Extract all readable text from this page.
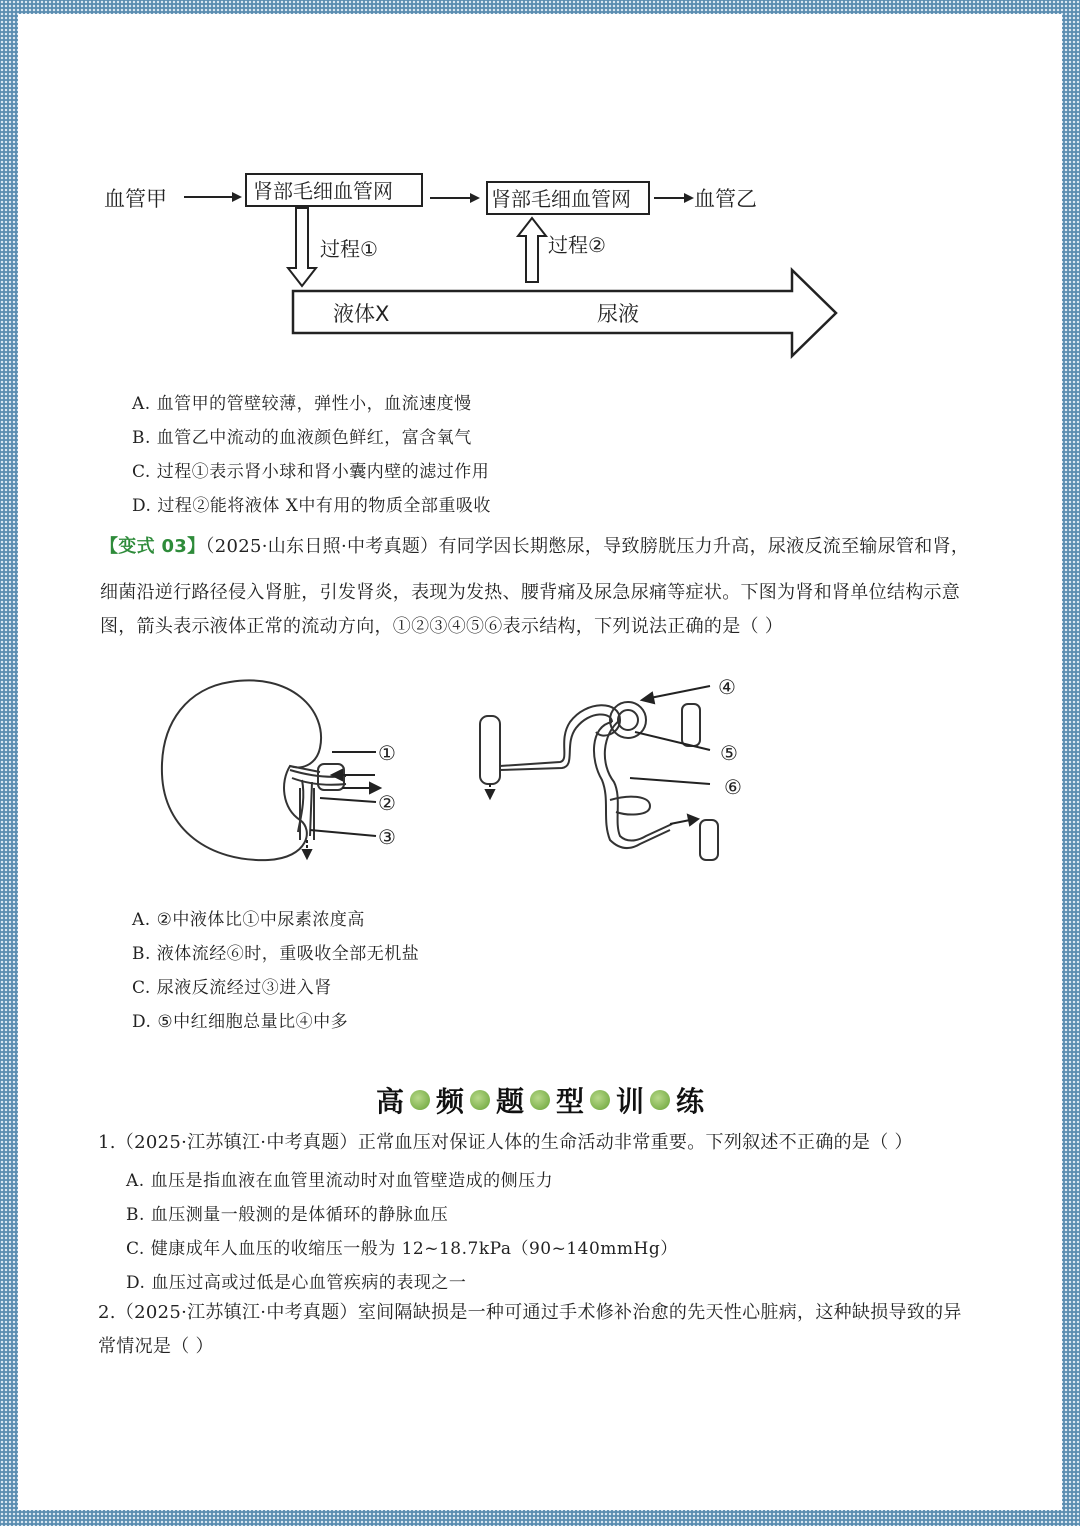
血管甲	肾部毛细血管网	肾部毛细血管网	血管乙
过程①	过程②
液体X	尿液
A. 血管甲的管壁较薄，弹性小，血流速度慢
B. 血管乙中流动的血液颜色鲜红，富含氧气
C. 过程①表示肾小球和肾小囊内壁的滤过作用
D. 过程②能将液体 X中有用的物质全部重吸收
【变式 03】（2025·山东日照·中考真题）有同学因长期憋尿，导致膀胱压力升高，尿液反流至输尿管和肾，
细菌沿逆行路径侵入肾脏，引发肾炎，表现为发热、腰背痛及尿急尿痛等症状。下图为肾和肾单位结构示意
图，箭头表示液体正常的流动方向，①②③④⑤⑥表示结构，下列说法正确的是（ ）
①
②
③
④
⑤
⑥
A. ②中液体比①中尿素浓度高
B. 液体流经⑥时，重吸收全部无机盐
C. 尿液反流经过③进入肾
D. ⑤中红细胞总量比④中多
高 频 题 型 训 练
1.（2025·江苏镇江·中考真题）正常血压对保证人体的生命活动非常重要。下列叙述不正确的是（ ）
A. 血压是指血液在血管里流动时对血管壁造成的侧压力
B. 血压测量一般测的是体循环的静脉血压
C. 健康成年人血压的收缩压一般为 12~18.7kPa（90~140mmHg）
D. 血压过高或过低是心血管疾病的表现之一
2.（2025·江苏镇江·中考真题）室间隔缺损是一种可通过手术修补治愈的先天性心脏病，这种缺损导致的异
常情况是（ ）
